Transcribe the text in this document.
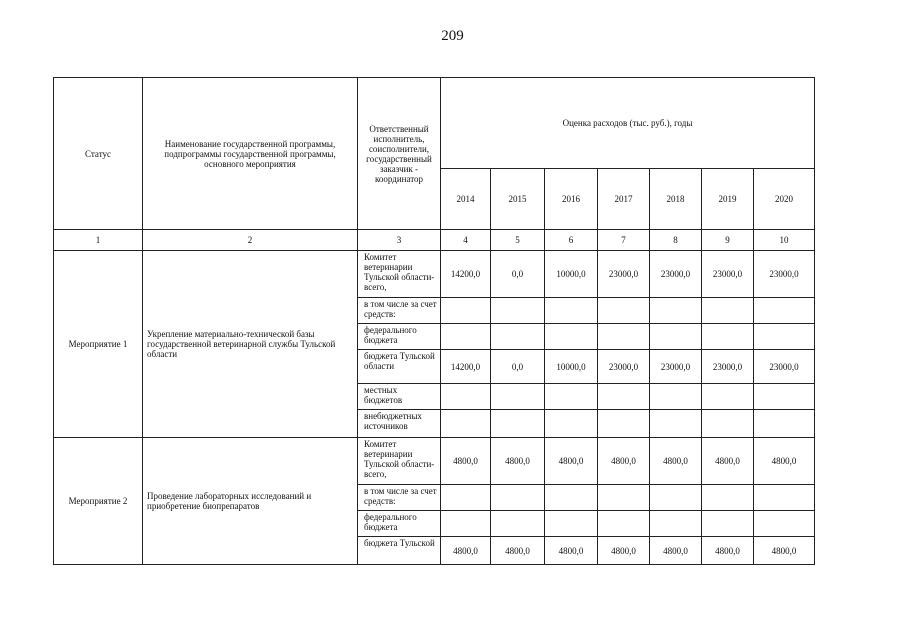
209
Статус	Наименование государственной программы, подпрограммы государственной программы, основного мероприятия	Ответственный исполнитель, соисполнители, государственный заказчик - координатор	Оценка расходов (тыс. руб.), годы						
			2014	2015	2016	2017	2018	2019	2020
1	2	3	4	5	6	7	8	9	10
Мероприятие 1	Укрепление материально-технической базы государственной ветеринарной службы Тульской области	Комитет ветеринарии Тульской области- всего,	14200,0	0,0	10000,0	23000,0	23000,0	23000,0	23000,0
		в том числе за счет средств:							
		федерального бюджета							
		бюджета Тульской области	14200,0	0,0	10000,0	23000,0	23000,0	23000,0	23000,0
		местных бюджетов							
		внебюджетных источников							
Мероприятие 2	Проведение лабораторных исследований и приобретение биопрепаратов	Комитет ветеринарии Тульской области- всего,	4800,0	4800,0	4800,0	4800,0	4800,0	4800,0	4800,0
		в том числе за счет средств:							
		федерального бюджета							
		бюджета Тульской	4800,0	4800,0	4800,0	4800,0	4800,0	4800,0	4800,0
